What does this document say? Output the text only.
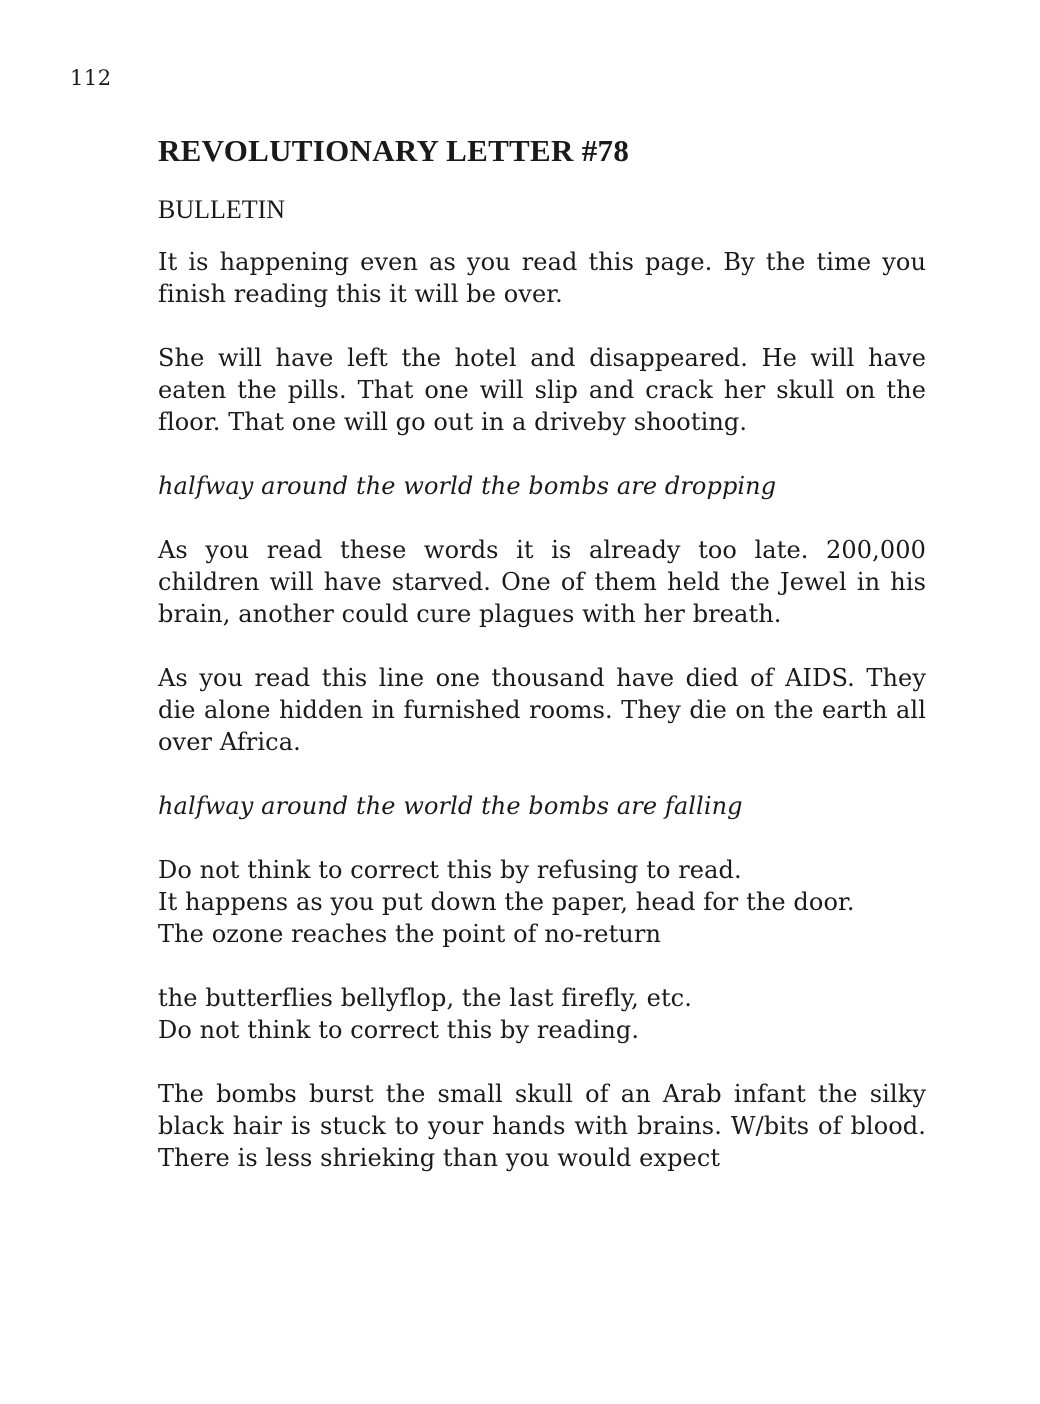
112
REVOLUTIONARY LETTER #78
BULLETIN

It is happening even as you read this page. By the time you finish reading this it will be over.

She will have left the hotel and disappeared. He will have eaten the pills. That one will slip and crack her skull on the floor. That one will go out in a driveby shooting.

halfway around the world the bombs are dropping

As you read these words it is already too late. 200,000 children will have starved. One of them held the Jewel in his brain, another could cure plagues with her breath.

As you read this line one thousand have died of AIDS. They die alone hidden in furnished rooms. They die on the earth all over Africa.

halfway around the world the bombs are falling

Do not think to correct this by refusing to read.
It happens as you put down the paper, head for the door.
The ozone reaches the point of no-return
the butterflies bellyflop, the last firefly, etc.
Do not think to correct this by reading.

The bombs burst the small skull of an Arab infant the silky black hair is stuck to your hands with brains. W/bits of blood. There is less shrieking than you would expect
